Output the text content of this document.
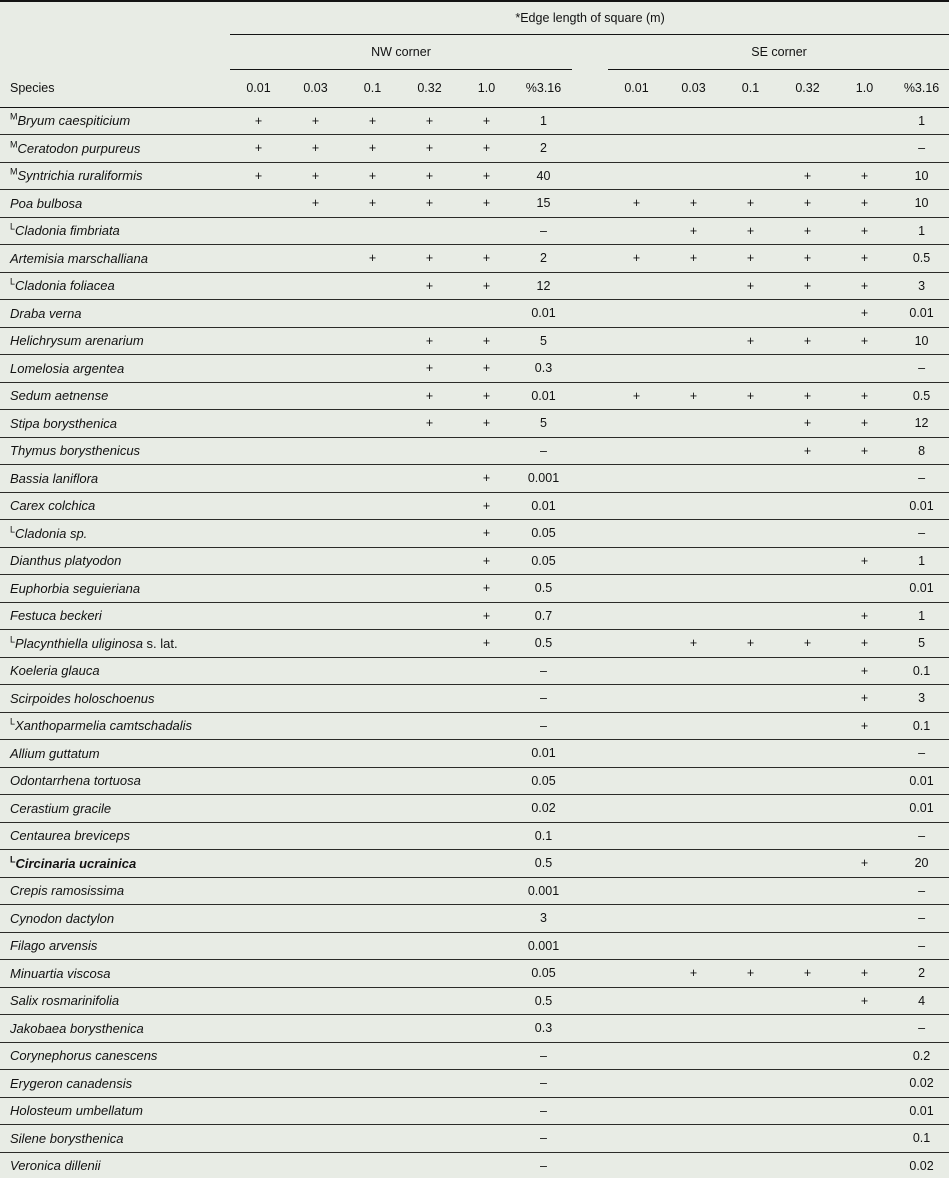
	*Edge length of square (m)												
	NW corner							SE corner					
Species	0.01	0.03	0.1	0.32	1.0	%3.16		0.01	0.03	0.1	0.32	1.0	%3.16
$^M$Bryum caespiticium	+	+	+	+	+	1							1
$^M$Ceratodon purpureus	+	+	+	+	+	2							–
$^M$Syntrichia ruraliformis	+	+	+	+	+	40					+	+	10
Poa bulbosa		+	+	+	+	15		+	+	+	+	+	10
$^L$Cladonia fimbriata						–			+	+	+	+	1
Artemisia marschalliana			+	+	+	2		+	+	+	+	+	0.5
$^L$Cladonia foliacea				+	+	12				+	+	+	3
Draba verna						0.01						+	0.01
Helichrysum arenarium				+	+	5				+	+	+	10
Lomelosia argentea				+	+	0.3							–
Sedum aetnense				+	+	0.01		+	+	+	+	+	0.5
Stipa borysthenica				+	+	5					+	+	12
Thymus borysthenicus						–					+	+	8
Bassia laniflora					+	0.001							–
Carex colchica					+	0.01							0.01
$^L$Cladonia sp.					+	0.05							–
Dianthus platyodon					+	0.05						+	1
Euphorbia seguieriana					+	0.5							0.01
Festuca beckeri					+	0.7						+	1
$^L$Placynthiella uliginosa s. lat.					+	0.5			+	+	+	+	5
Koeleria glauca						–						+	0.1
Scirpoides holoschoenus						–						+	3
$^L$Xanthoparmelia camtschadalis						–						+	0.1
Allium guttatum						0.01							–
Odontarrhena tortuosa						0.05							0.01
Cerastium gracile						0.02							0.01
Centaurea breviceps						0.1							–
$^L$Circinaria ucrainica						0.5						+	20
Crepis ramosissima						0.001							–
Cynodon dactylon						3							–
Filago arvensis						0.001							–
Minuartia viscosa						0.05			+	+	+	+	2
Salix rosmarinifolia						0.5						+	4
Jakobaea borysthenica						0.3							–
Corynephorus canescens						–							0.2
Erygeron canadensis						–							0.02
Holosteum umbellatum						–							0.01
Silene borysthenica						–							0.1
Veronica dillenii						–							0.02
